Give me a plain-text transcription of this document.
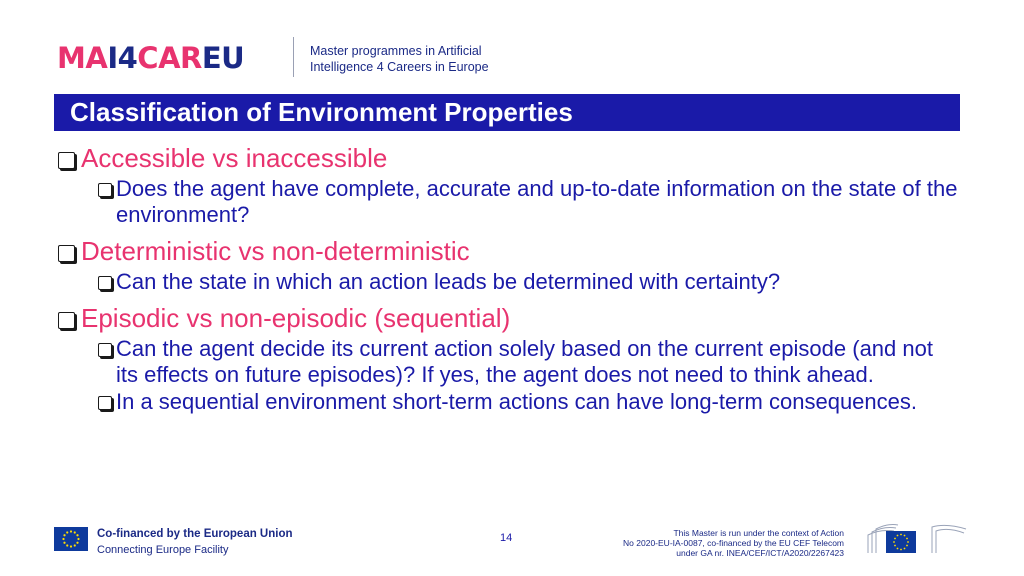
MA I4 CAR EU	Master programmes in Artificial
Intelligence 4 Careers in Europe
Classification of Environment Properties
Accessible vs inaccessible
Does the agent have complete, accurate and up-to-date information on the state of the environment?
Deterministic vs non-deterministic
Can the state in which an action leads be determined with certainty?
Episodic vs non-episodic (sequential)
Can the agent decide its current action solely based on the current episode (and not its effects on future episodes)? If yes, the agent does not need to think ahead.
In a sequential environment short-term actions can have long-term consequences.
Co-financed by the European Union
Connecting Europe Facility
14	This Master is run under the context of Action
No 2020-EU-IA-0087, co-financed by the EU CEF Telecom
under GA nr. INEA/CEF/ICT/A2020/2267423
